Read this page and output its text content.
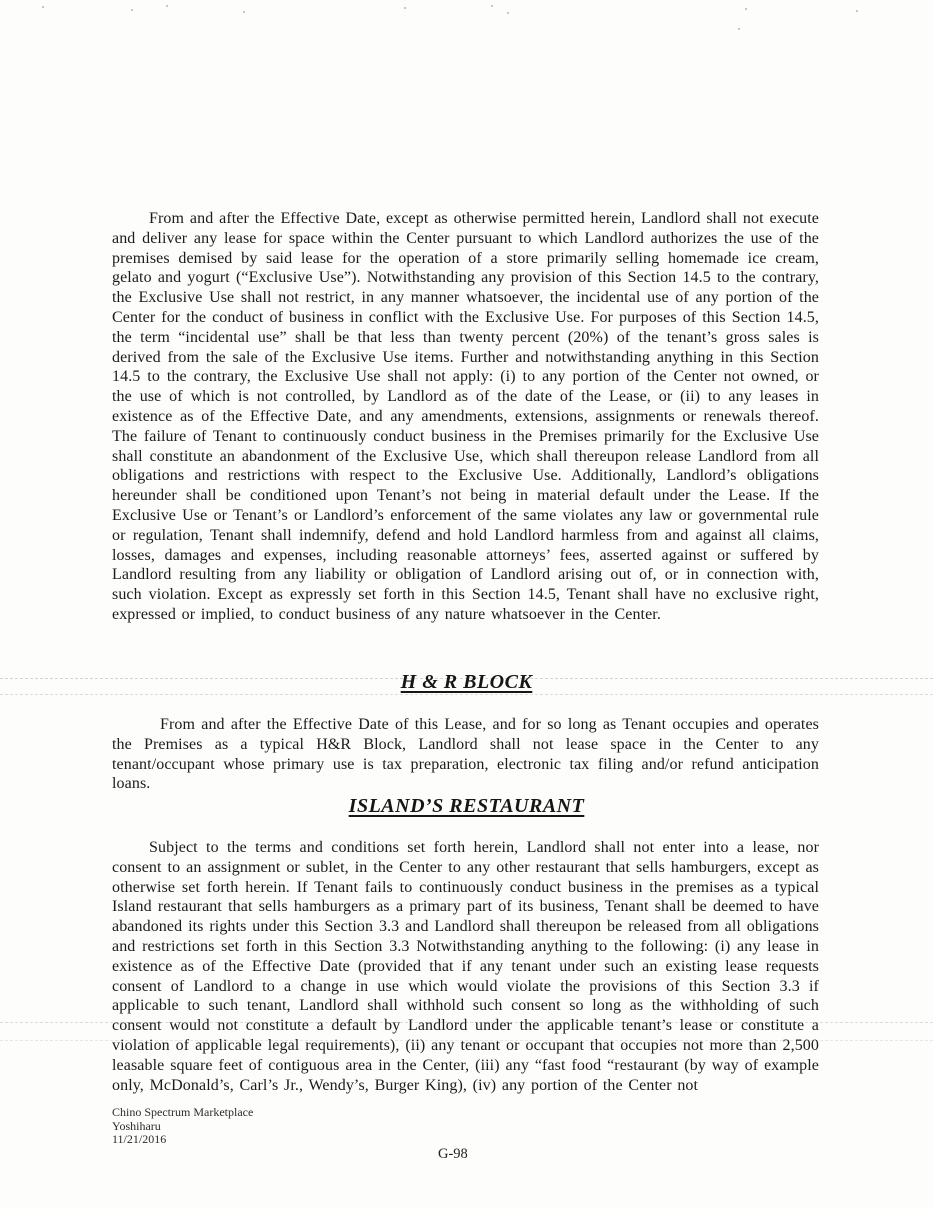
From and after the Effective Date, except as otherwise permitted herein, Landlord shall not execute and deliver any lease for space within the Center pursuant to which Landlord authorizes the use of the premises demised by said lease for the operation of a store primarily selling homemade ice cream, gelato and yogurt (“Exclusive Use”). Notwithstanding any provision of this Section 14.5 to the contrary, the Exclusive Use shall not restrict, in any manner whatsoever, the incidental use of any portion of the Center for the conduct of business in conflict with the Exclusive Use. For purposes of this Section 14.5, the term “incidental use” shall be that less than twenty percent (20%) of the tenant’s gross sales is derived from the sale of the Exclusive Use items. Further and notwithstanding anything in this Section 14.5 to the contrary, the Exclusive Use shall not apply: (i) to any portion of the Center not owned, or the use of which is not controlled, by Landlord as of the date of the Lease, or (ii) to any leases in existence as of the Effective Date, and any amendments, extensions, assignments or renewals thereof. The failure of Tenant to continuously conduct business in the Premises primarily for the Exclusive Use shall constitute an abandonment of the Exclusive Use, which shall thereupon release Landlord from all obligations and restrictions with respect to the Exclusive Use. Additionally, Landlord’s obligations hereunder shall be conditioned upon Tenant’s not being in material default under the Lease. If the Exclusive Use or Tenant’s or Landlord’s enforcement of the same violates any law or governmental rule or regulation, Tenant shall indemnify, defend and hold Landlord harmless from and against all claims, losses, damages and expenses, including reasonable attorneys’ fees, asserted against or suffered by Landlord resulting from any liability or obligation of Landlord arising out of, or in connection with, such violation. Except as expressly set forth in this Section 14.5, Tenant shall have no exclusive right, expressed or implied, to conduct business of any nature whatsoever in the Center.

H & R BLOCK

From and after the Effective Date of this Lease, and for so long as Tenant occupies and operates the Premises as a typical H&R Block, Landlord shall not lease space in the Center to any tenant/occupant whose primary use is tax preparation, electronic tax filing and/or refund anticipation loans.

ISLAND’S RESTAURANT

Subject to the terms and conditions set forth herein, Landlord shall not enter into a lease, nor consent to an assignment or sublet, in the Center to any other restaurant that sells hamburgers, except as otherwise set forth herein. If Tenant fails to continuously conduct business in the premises as a typical Island restaurant that sells hamburgers as a primary part of its business, Tenant shall be deemed to have abandoned its rights under this Section 3.3 and Landlord shall thereupon be released from all obligations and restrictions set forth in this Section 3.3 Notwithstanding anything to the following: (i) any lease in existence as of the Effective Date (provided that if any tenant under such an existing lease requests consent of Landlord to a change in use which would violate the provisions of this Section 3.3 if applicable to such tenant, Landlord shall withhold such consent so long as the withholding of such consent would not constitute a default by Landlord under the applicable tenant’s lease or constitute a violation of applicable legal requirements), (ii) any tenant or occupant that occupies not more than 2,500 leasable square feet of contiguous area in the Center, (iii) any “fast food “restaurant (by way of example only, McDonald’s, Carl’s Jr., Wendy’s, Burger King), (iv) any portion of the Center not

Chino Spectrum Marketplace
Yoshiharu
11/21/2016
G-98
